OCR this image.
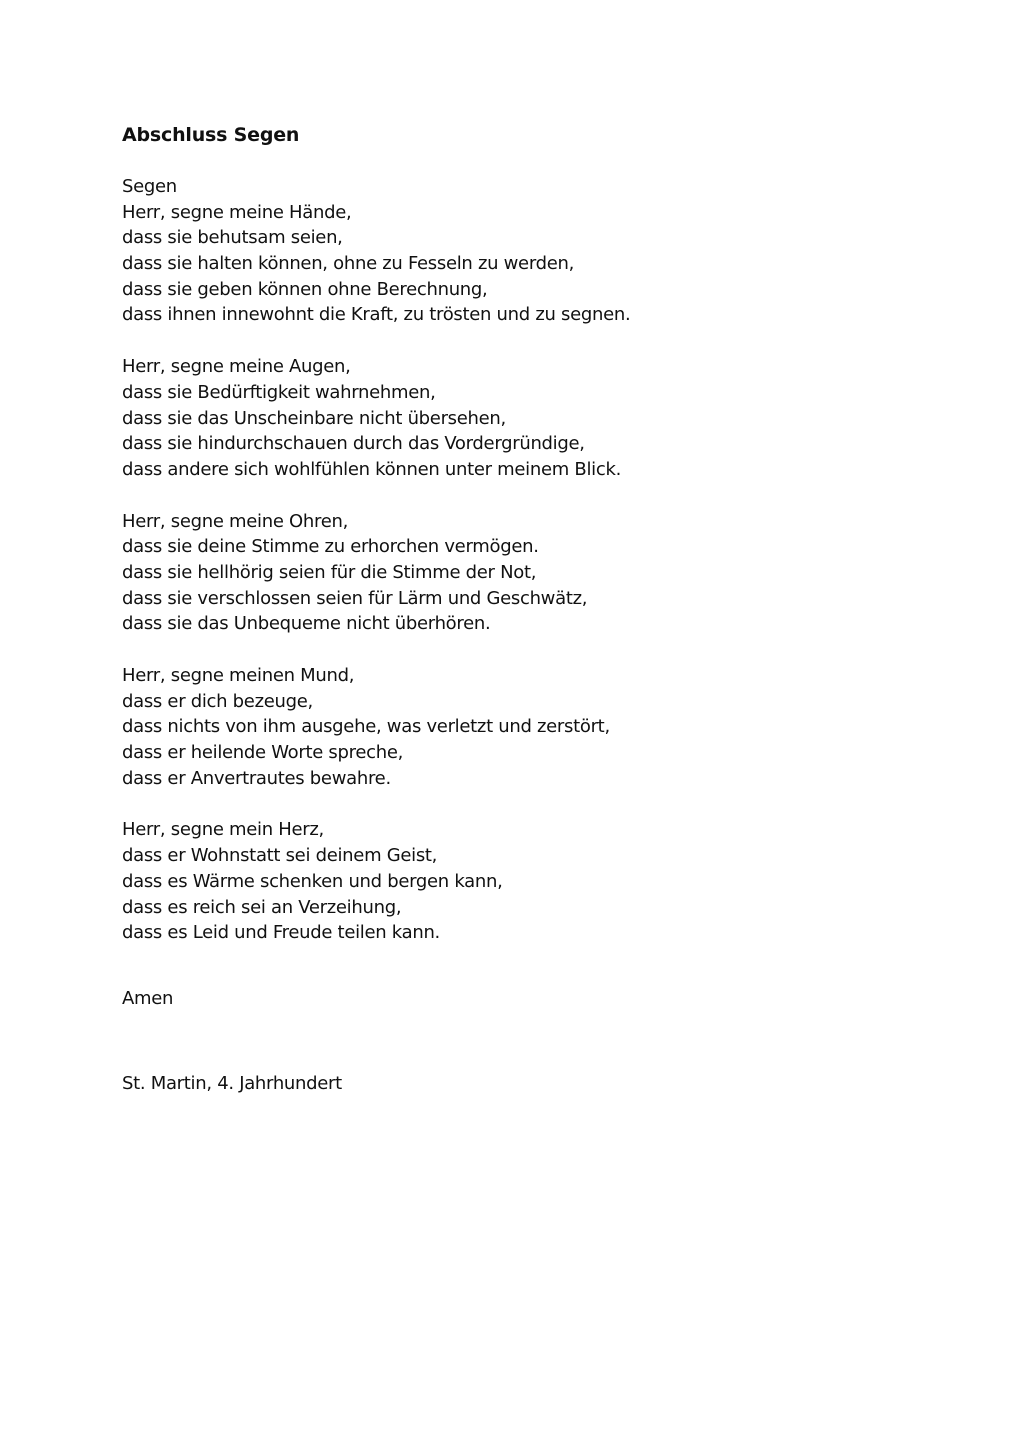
Abschluss Segen
Segen
Herr, segne meine Hände,
dass sie behutsam seien,
dass sie halten können, ohne zu Fesseln zu werden,
dass sie geben können ohne Berechnung,
dass ihnen innewohnt die Kraft, zu trösten und zu segnen.
Herr, segne meine Augen,
dass sie Bedürftigkeit wahrnehmen,
dass sie das Unscheinbare nicht übersehen,
dass sie hindurchschauen durch das Vordergründige,
dass andere sich wohlfühlen können unter meinem Blick.
Herr, segne meine Ohren,
dass sie deine Stimme zu erhorchen vermögen.
dass sie hellhörig seien für die Stimme der Not,
dass sie verschlossen seien für Lärm und Geschwätz,
dass sie das Unbequeme nicht überhören.
Herr, segne meinen Mund,
dass er dich bezeuge,
dass nichts von ihm ausgehe, was verletzt und zerstört,
dass er heilende Worte spreche,
dass er Anvertrautes bewahre.
Herr, segne mein Herz,
dass er Wohnstatt sei deinem Geist,
dass es Wärme schenken und bergen kann,
dass es reich sei an Verzeihung,
dass es Leid und Freude teilen kann.
Amen
St. Martin, 4. Jahrhundert
